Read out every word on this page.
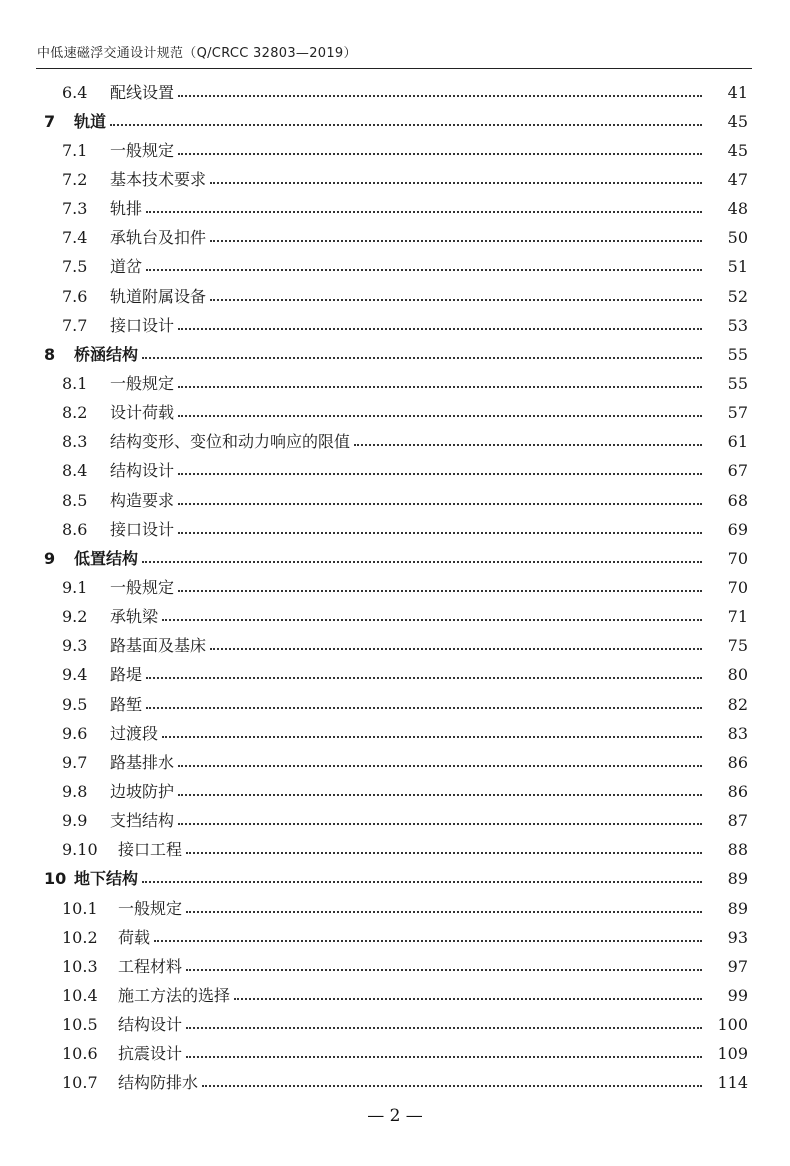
中低速磁浮交通设计规范（Q/CRCC 32803—2019）
6.4	配线设置	41
7	轨道	45
7.1	一般规定	45
7.2	基本技术要求	47
7.3	轨排	48
7.4	承轨台及扣件	50
7.5	道岔	51
7.6	轨道附属设备	52
7.7	接口设计	53
8	桥涵结构	55
8.1	一般规定	55
8.2	设计荷载	57
8.3	结构变形、变位和动力响应的限值	61
8.4	结构设计	67
8.5	构造要求	68
8.6	接口设计	69
9	低置结构	70
9.1	一般规定	70
9.2	承轨梁	71
9.3	路基面及基床	75
9.4	路堤	80
9.5	路堑	82
9.6	过渡段	83
9.7	路基排水	86
9.8	边坡防护	86
9.9	支挡结构	87
9.10	接口工程	88
10 地下结构	89
10.1	一般规定	89
10.2	荷载	93
10.3	工程材料	97
10.4	施工方法的选择	99
10.5	结构设计	100
10.6	抗震设计	109
10.7	结构防排水	114
— 2 —
